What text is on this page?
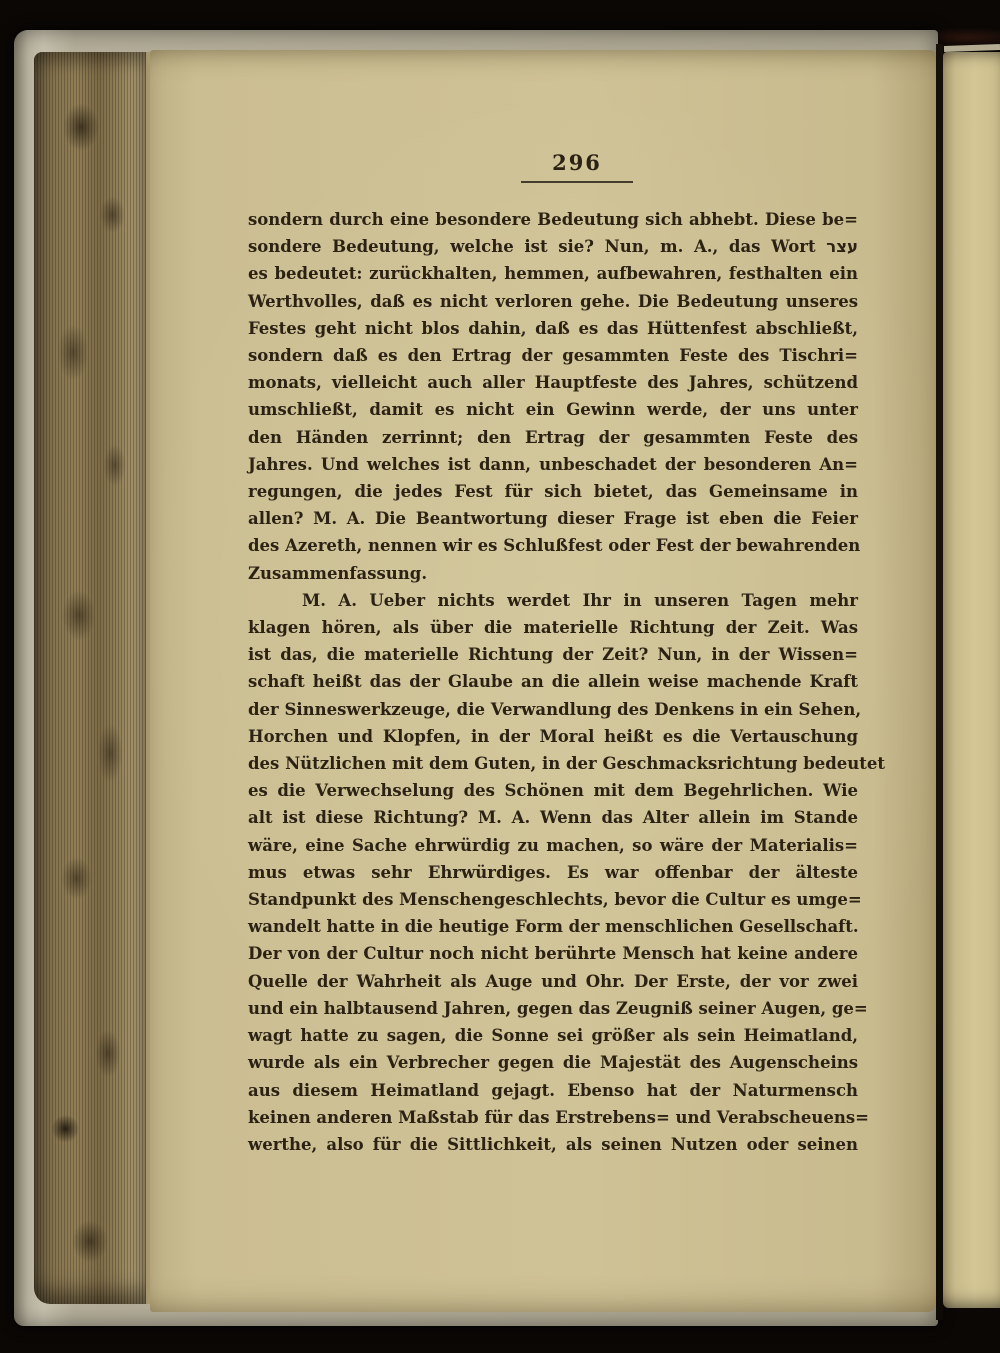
296
sondern durch eine besondere Bedeutung sich abhebt. Diese be=
sondere Bedeutung, welche ist sie? Nun, m. A., das Wort עצר
es bedeutet: zurückhalten, hemmen, aufbewahren, festhalten ein
Werthvolles, daß es nicht verloren gehe. Die Bedeutung unseres
Festes geht nicht blos dahin, daß es das Hüttenfest abschließt,
sondern daß es den Ertrag der gesammten Feste des Tischri=
monats, vielleicht auch aller Hauptfeste des Jahres, schützend
umschließt, damit es nicht ein Gewinn werde, der uns unter
den Händen zerrinnt; den Ertrag der gesammten Feste des
Jahres. Und welches ist dann, unbeschadet der besonderen An=
regungen, die jedes Fest für sich bietet, das Gemeinsame in
allen? M. A. Die Beantwortung dieser Frage ist eben die Feier
des Azereth, nennen wir es Schlußfest oder Fest der bewahrenden
Zusammenfassung.
M. A. Ueber nichts werdet Ihr in unseren Tagen mehr
klagen hören, als über die materielle Richtung der Zeit. Was
ist das, die materielle Richtung der Zeit? Nun, in der Wissen=
schaft heißt das der Glaube an die allein weise machende Kraft
der Sinneswerkzeuge, die Verwandlung des Denkens in ein Sehen,
Horchen und Klopfen, in der Moral heißt es die Vertauschung
des Nützlichen mit dem Guten, in der Geschmacksrichtung bedeutet
es die Verwechselung des Schönen mit dem Begehrlichen. Wie
alt ist diese Richtung? M. A. Wenn das Alter allein im Stande
wäre, eine Sache ehrwürdig zu machen, so wäre der Materialis=
mus etwas sehr Ehrwürdiges. Es war offenbar der älteste
Standpunkt des Menschengeschlechts, bevor die Cultur es umge=
wandelt hatte in die heutige Form der menschlichen Gesellschaft.
Der von der Cultur noch nicht berührte Mensch hat keine andere
Quelle der Wahrheit als Auge und Ohr. Der Erste, der vor zwei
und ein halbtausend Jahren, gegen das Zeugniß seiner Augen, ge=
wagt hatte zu sagen, die Sonne sei größer als sein Heimatland,
wurde als ein Verbrecher gegen die Majestät des Augenscheins
aus diesem Heimatland gejagt. Ebenso hat der Naturmensch
keinen anderen Maßstab für das Erstrebens= und Verabscheuens=
werthe, also für die Sittlichkeit, als seinen Nutzen oder seinen
